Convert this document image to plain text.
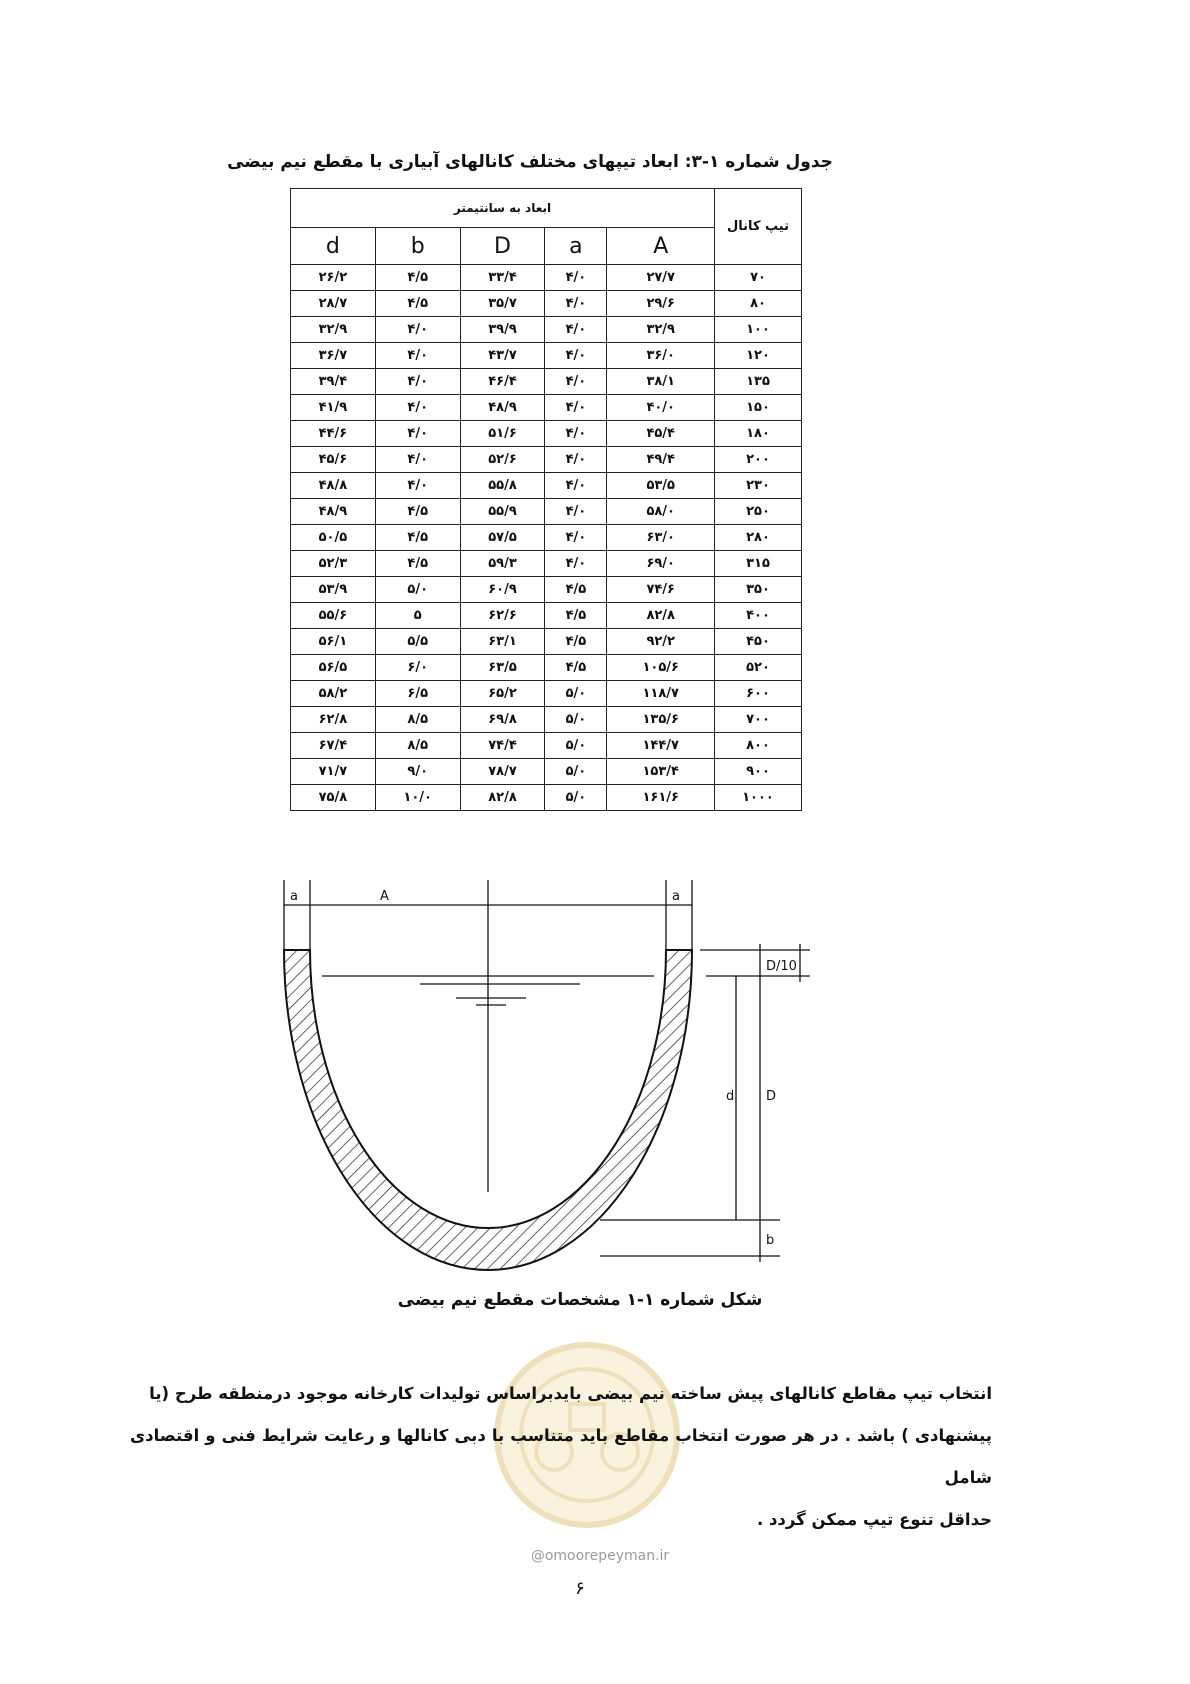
جدول شماره ۱-۳: ابعاد تیپهای مختلف کانالهای آبیاری با مقطع نیم بیضی
تیپ کانال	ابعاد به سانتیمتر				
	A	a	D	b	d
۷۰	۲۷/۷	۴/۰	۳۳/۴	۴/۵	۲۶/۲
۸۰	۲۹/۶	۴/۰	۳۵/۷	۴/۵	۲۸/۷
۱۰۰	۳۲/۹	۴/۰	۳۹/۹	۴/۰	۳۲/۹
۱۲۰	۳۶/۰	۴/۰	۴۳/۷	۴/۰	۳۶/۷
۱۳۵	۳۸/۱	۴/۰	۴۶/۴	۴/۰	۳۹/۴
۱۵۰	۴۰/۰	۴/۰	۴۸/۹	۴/۰	۴۱/۹
۱۸۰	۴۵/۴	۴/۰	۵۱/۶	۴/۰	۴۴/۶
۲۰۰	۴۹/۴	۴/۰	۵۲/۶	۴/۰	۴۵/۶
۲۳۰	۵۳/۵	۴/۰	۵۵/۸	۴/۰	۴۸/۸
۲۵۰	۵۸/۰	۴/۰	۵۵/۹	۴/۵	۴۸/۹
۲۸۰	۶۳/۰	۴/۰	۵۷/۵	۴/۵	۵۰/۵
۳۱۵	۶۹/۰	۴/۰	۵۹/۳	۴/۵	۵۲/۳
۳۵۰	۷۴/۶	۴/۵	۶۰/۹	۵/۰	۵۳/۹
۴۰۰	۸۲/۸	۴/۵	۶۲/۶	۵	۵۵/۶
۴۵۰	۹۲/۲	۴/۵	۶۳/۱	۵/۵	۵۶/۱
۵۲۰	۱۰۵/۶	۴/۵	۶۳/۵	۶/۰	۵۶/۵
۶۰۰	۱۱۸/۷	۵/۰	۶۵/۲	۶/۵	۵۸/۲
۷۰۰	۱۳۵/۶	۵/۰	۶۹/۸	۸/۵	۶۲/۸
۸۰۰	۱۴۴/۷	۵/۰	۷۴/۴	۸/۵	۶۷/۴
۹۰۰	۱۵۳/۴	۵/۰	۷۸/۷	۹/۰	۷۱/۷
۱۰۰۰	۱۶۱/۶	۵/۰	۸۲/۸	۱۰/۰	۷۵/۸
a	A	a
D/10
d D
b
شکل شماره ۱-۱ مشخصات مقطع نیم بیضی
انتخاب تیپ مقاطع کانالهای پیش ساخته نیم بیضی بایدبراساس تولیدات کارخانه موجود درمنطقه طرح (یا
پیشنهادی ) باشد . در هر صورت انتخاب مقاطع باید متناسب با دبی کانالها و رعایت شرایط فنی و اقتصادی شامل
حداقل تنوع تیپ ممکن گردد .
@omoorepeyman.ir
۶
